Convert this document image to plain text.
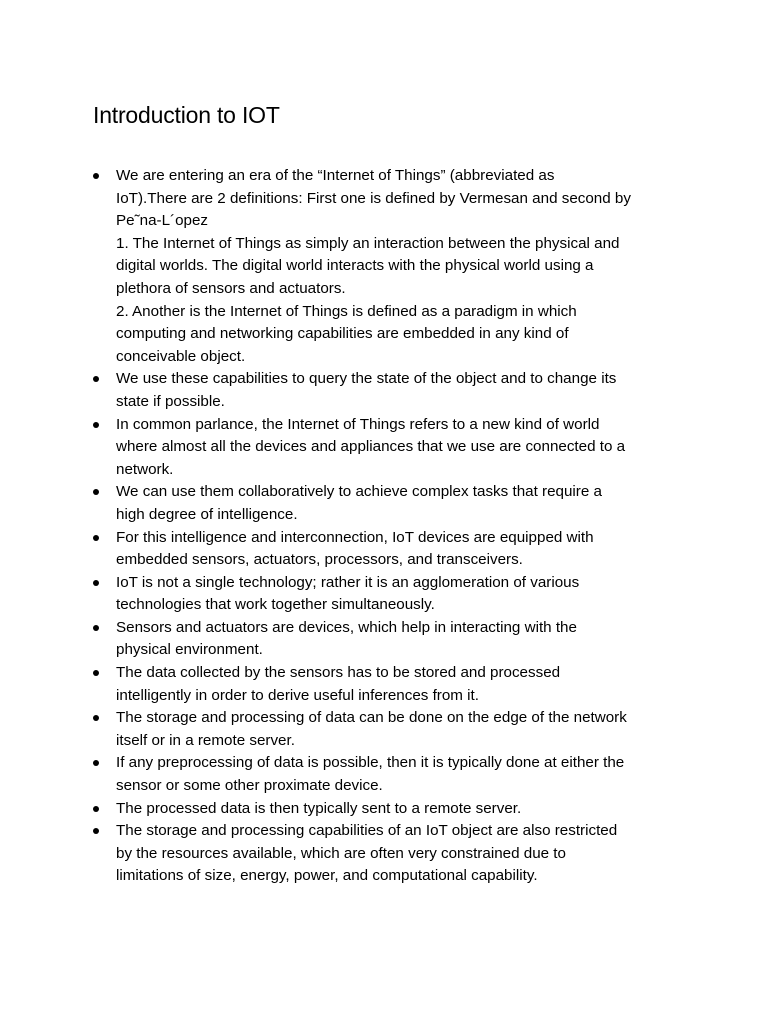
Introduction to IOT
We are entering an era of the “Internet of Things” (abbreviated as
IoT).There are 2 definitions: First one is defined by Vermesan and second by
Pe˜na-L´opez
1. The Internet of Things as simply an interaction between the physical and
digital worlds. The digital world interacts with the physical world using a
plethora of sensors and actuators.
2. Another is the Internet of Things is defined as a paradigm in which
computing and networking capabilities are embedded in any kind of
conceivable object.
We use these capabilities to query the state of the object and to change its
state if possible.
In common parlance, the Internet of Things refers to a new kind of world
where almost all the devices and appliances that we use are connected to a
network.
We can use them collaboratively to achieve complex tasks that require a
high degree of intelligence.
For this intelligence and interconnection, IoT devices are equipped with
embedded sensors, actuators, processors, and transceivers.
IoT is not a single technology; rather it is an agglomeration of various
technologies that work together simultaneously.
Sensors and actuators are devices, which help in interacting with the
physical environment.
The data collected by the sensors has to be stored and processed
intelligently in order to derive useful inferences from it.
The storage and processing of data can be done on the edge of the network
itself or in a remote server.
If any preprocessing of data is possible, then it is typically done at either the
sensor or some other proximate device.
The processed data is then typically sent to a remote server.
The storage and processing capabilities of an IoT object are also restricted
by the resources available, which are often very constrained due to
limitations of size, energy, power, and computational capability.
